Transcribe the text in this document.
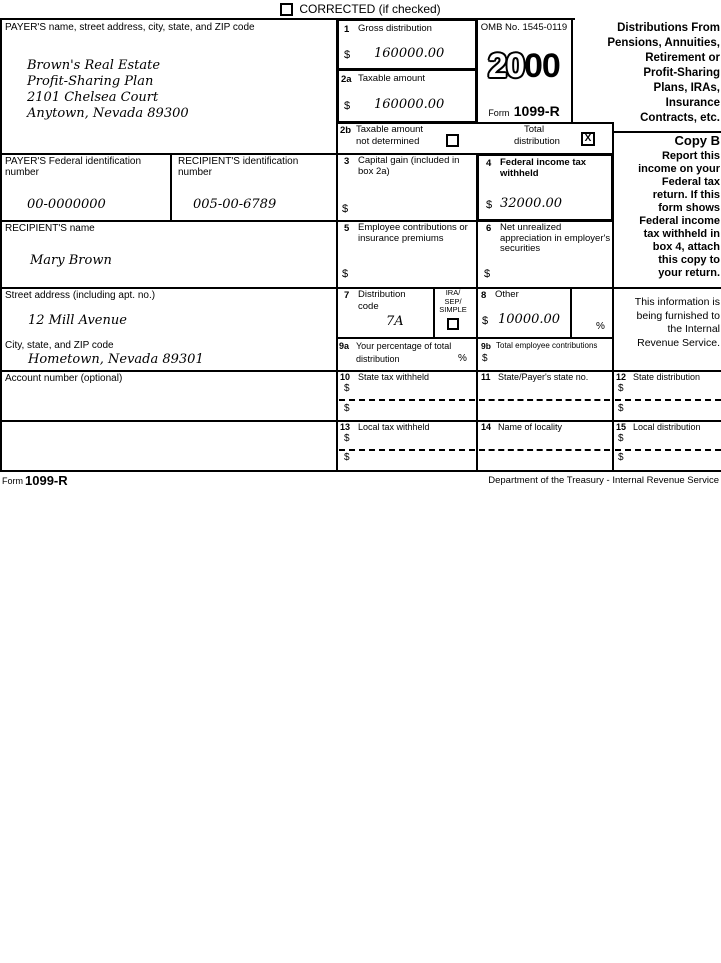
CORRECTED (if checked)
PAYER'S name, street address, city, state, and ZIP code
Brown's Real Estate
Profit-Sharing Plan
2101 Chelsea Court
Anytown, Nevada 89300
1 Gross distribution
$ 160000.00
2a Taxable amount
$ 160000.00
OMB No. 1545-0119
2000
Form 1099-R
2b Taxable amount
not determined
Total
distribution X
PAYER'S Federal identification number
00-0000000
RECIPIENT'S identification number
005-00-6789
3 Capital gain (included in box 2a)
$
4 Federal income tax withheld
$ 32000.00
RECIPIENT'S name
Mary Brown
5 Employee contributions or insurance premiums
$
6 Net unrealized appreciation in employer's securities
$
Street address (including apt. no.)
12 Mill Avenue
7 Distribution
code
7A
IRA/
SEP/
SIMPLE
8 Other
$ 10000.00	%
City, state, and ZIP code
Hometown, Nevada 89301
9a Your percentage of total
distribution	%
9b Total employee contributions
$
Account number (optional)	10 State tax withheld
$
$
11 State/Payer's state no.	12 State distribution
$
$
13 Local tax withheld
$
$
14 Name of locality	15 Local distribution
$
$
Distributions From
Pensions, Annuities,
Retirement or
Profit-Sharing
Plans, IRAs,
Insurance
Contracts, etc.
Copy B
Report this
income on your
Federal tax
return. If this
form shows
Federal income
tax withheld in
box 4, attach
this copy to
your return.
This information is
being furnished to
the Internal
Revenue Service.
Form 1099-R	Department of the Treasury - Internal Revenue Service
